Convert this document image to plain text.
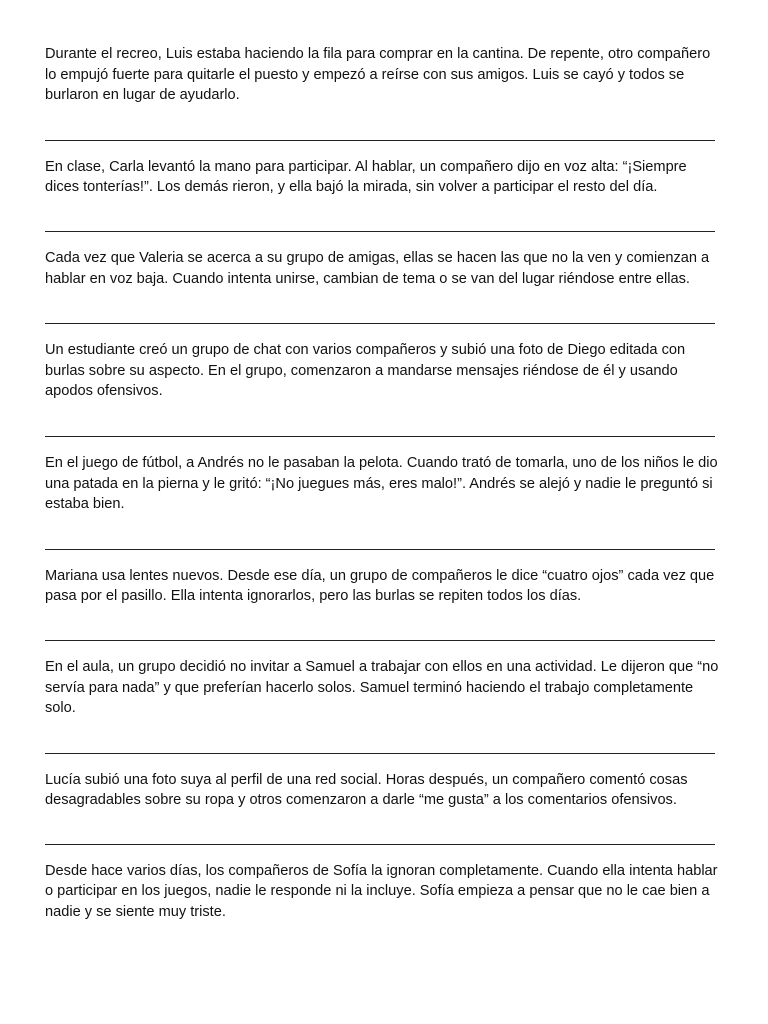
Durante el recreo, Luis estaba haciendo la fila para comprar en la cantina. De repente, otro compañero lo empujó fuerte para quitarle el puesto y empezó a reírse con sus amigos. Luis se cayó y todos se burlaron en lugar de ayudarlo.

En clase, Carla levantó la mano para participar. Al hablar, un compañero dijo en voz alta: “¡Siempre dices tonterías!”. Los demás rieron, y ella bajó la mirada, sin volver a participar el resto del día.

Cada vez que Valeria se acerca a su grupo de amigas, ellas se hacen las que no la ven y comienzan a hablar en voz baja. Cuando intenta unirse, cambian de tema o se van del lugar riéndose entre ellas.

Un estudiante creó un grupo de chat con varios compañeros y subió una foto de Diego editada con burlas sobre su aspecto. En el grupo, comenzaron a mandarse mensajes riéndose de él y usando apodos ofensivos.

En el juego de fútbol, a Andrés no le pasaban la pelota. Cuando trató de tomarla, uno de los niños le dio una patada en la pierna y le gritó: “¡No juegues más, eres malo!”. Andrés se alejó y nadie le preguntó si estaba bien.

Mariana usa lentes nuevos. Desde ese día, un grupo de compañeros le dice “cuatro ojos” cada vez que pasa por el pasillo. Ella intenta ignorarlos, pero las burlas se repiten todos los días.

En el aula, un grupo decidió no invitar a Samuel a trabajar con ellos en una actividad. Le dijeron que “no servía para nada” y que preferían hacerlo solos. Samuel terminó haciendo el trabajo completamente solo.

Lucía subió una foto suya al perfil de una red social. Horas después, un compañero comentó cosas desagradables sobre su ropa y otros comenzaron a darle “me gusta” a los comentarios ofensivos.

Desde hace varios días, los compañeros de Sofía la ignoran completamente. Cuando ella intenta hablar o participar en los juegos, nadie le responde ni la incluye. Sofía empieza a pensar que no le cae bien a nadie y se siente muy triste.
